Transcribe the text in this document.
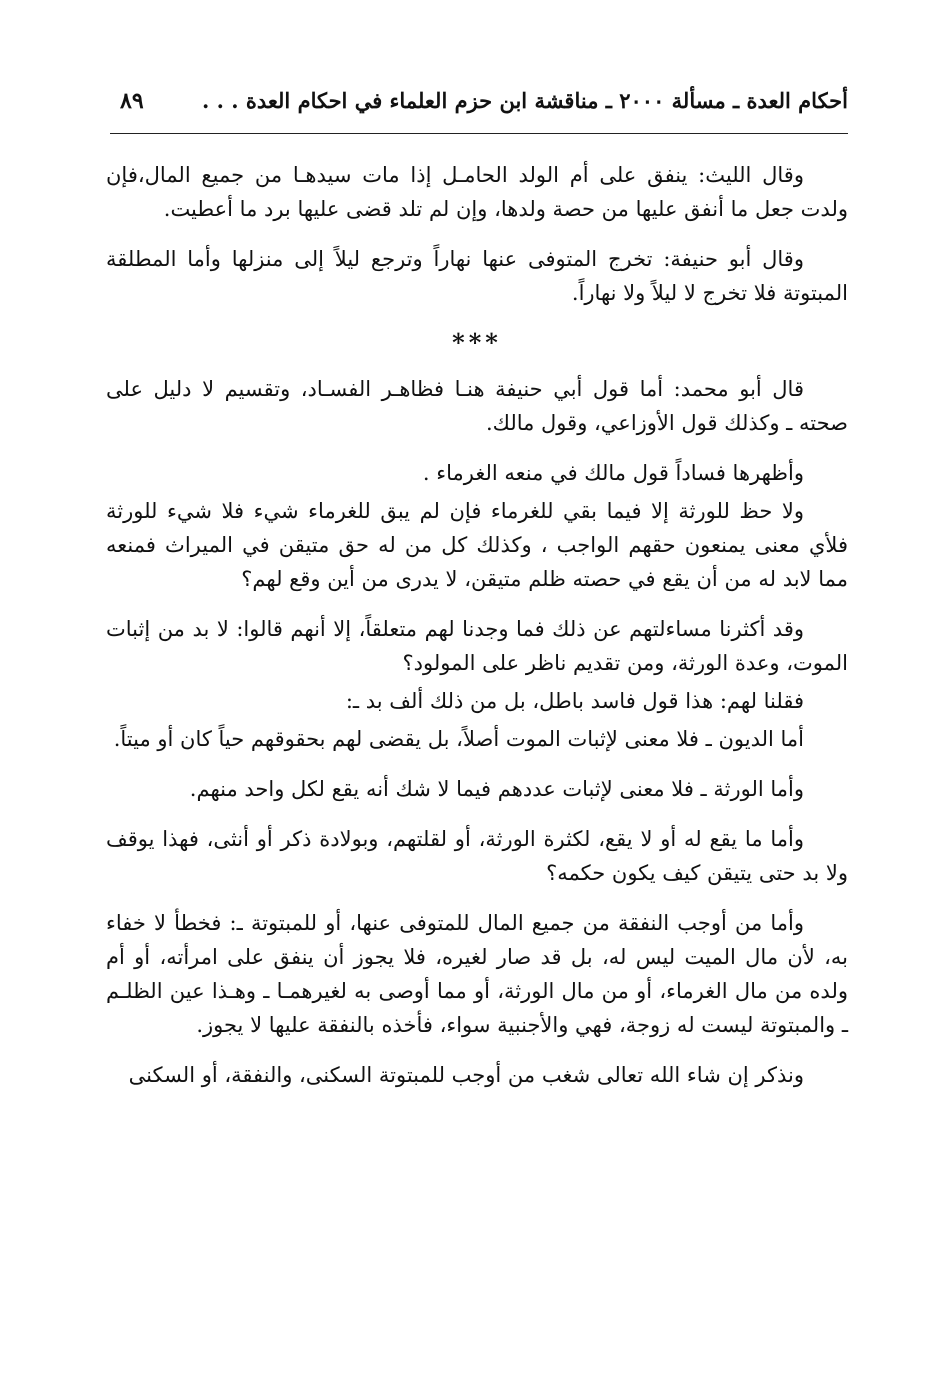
أحكام العدة ـ مسألة ٢٠٠٠ ـ مناقشة ابن حزم العلماء في احكام العدة . . .
٨٩

وقال الليث: ينفق على أم الولد الحامـل إذا مات سيدهـا من جميع المال،فإن ولدت جعل ما أنفق عليها من حصة ولدها، وإن لم تلد قضى عليها برد ما أعطيت.

وقال أبو حنيفة: تخرج المتوفى عنها نهاراً وترجع ليلاً إلى منزلها وأما المطلقة المبتوتة فلا تخرج لا ليلاً ولا نهاراً.

***

قال أبو محمد: أما قول أبي حنيفة هنـا فظاهـر الفسـاد، وتقسيم لا دليل على صحته ـ وكذلك قول الأوزاعي، وقول مالك.

وأظهرها فساداً قول مالك في منعه الغرماء .

ولا حظ للورثة إلا فيما بقي للغرماء فإن لم يبق للغرماء شيء فلا شيء للورثة فلأي معنى يمنعون حقهم الواجب ، وكذلك كل من له حق متيقن في الميراث فمنعه مما لابد له من أن يقع في حصته ظلم متيقن، لا يدرى من أين وقع لهم؟

وقد أكثرنا مساءلتهم عن ذلك فما وجدنا لهم متعلقاً، إلا أنهم قالوا: لا بد من إثبات الموت، وعدة الورثة، ومن تقديم ناظر على المولود؟

فقلنا لهم: هذا قول فاسد باطل، بل من ذلك ألف بد ـ:

أما الديون ـ فلا معنى لإثبات الموت أصلاً، بل يقضى لهم بحقوقهم حياً كان أو ميتاً.

وأما الورثة ـ فلا معنى لإثبات عددهم فيما لا شك أنه يقع لكل واحد منهم.

وأما ما يقع له أو لا يقع، لكثرة الورثة، أو لقلتهم، وبولادة ذكر أو أنثى، فهذا يوقف ولا بد حتى يتيقن كيف يكون حكمه؟

وأما من أوجب النفقة من جميع المال للمتوفى عنها، أو للمبتوتة ـ: فخطأ لا خفاء به، لأن مال الميت ليس له، بل قد صار لغيره، فلا يجوز أن ينفق على امرأته، أو أم ولده من مال الغرماء، أو من مال الورثة، أو مما أوصى به لغيرهمـا ـ وهـذا عين الظلـم ـ والمبتوتة ليست له زوجة، فهي والأجنبية سواء، فأخذه بالنفقة عليها لا يجوز.

ونذكر إن شاء الله تعالى شغب من أوجب للمبتوتة السكنى، والنفقة، أو السكنى
